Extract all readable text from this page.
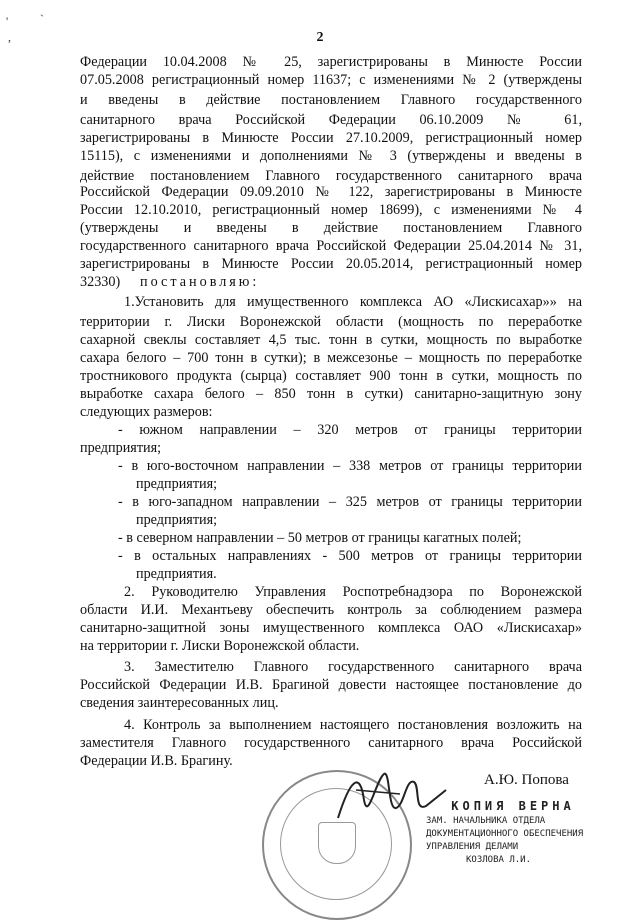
`
'
,	2
Федерации 10.04.2008 № 25, зарегистрированы в Минюсте России
07.05.2008 регистрационный номер 11637; с изменениями № 2 (утверждены
и введены в действие постановлением Главного государственного
санитарного врача Российской Федерации 06.10.2009 № 61,
зарегистрированы в Минюсте России 27.10.2009, регистрационный номер
15115), с изменениями и дополнениями № 3 (утверждены и введены в
действие постановлением Главного государственного санитарного врача
Российской Федерации 09.09.2010 № 122, зарегистрированы в Минюсте
России 12.10.2010, регистрационный номер 18699), с изменениями № 4
(утверждены и введены в действие постановлением Главного
государственного санитарного врача Российской Федерации 25.04.2014 № 31,
зарегистрированы в Минюсте России 20.05.2014, регистрационный номер
32330)	постановляю:
1.Установить для имущественного комплекса АО «Лискисахар»» на
территории г. Лиски Воронежской области (мощность по переработке
сахарной свеклы составляет 4,5 тыс. тонн в сутки, мощность по выработке
сахара белого – 700 тонн в сутки); в межсезонье – мощность по переработке
тростникового продукта (сырца) составляет 900 тонн в сутки, мощность по
выработке сахара белого – 850 тонн в сутки) санитарно-защитную зону
следующих размеров:
- южном направлении – 320 метров от границы территории
предприятия;
- в юго-восточном направлении – 338 метров от границы территории
предприятия;
- в юго-западном направлении – 325 метров от границы территории
предприятия;
- в северном направлении – 50 метров от границы кагатных полей;
- в остальных направлениях - 500 метров от границы территории
предприятия.
2. Руководителю Управления Роспотребнадзора по Воронежской
области И.И. Механтьеву обеспечить контроль за соблюдением размера
санитарно-защитной зоны имущественного комплекса ОАО «Лискисахар»
на территории г. Лиски Воронежской области.
3. Заместителю Главного государственного санитарного врача
Российской Федерации И.В. Брагиной довести настоящее постановление до
сведения заинтересованных лиц.
4. Контроль за выполнением настоящего постановления возложить на
заместителя Главного государственного санитарного врача Российской
Федерации И.В. Брагину.
А.Ю. Попова
КОПИЯ ВЕРНА
ЗАМ. НАЧАЛЬНИКА ОТДЕЛА
ДОКУМЕНТАЦИОННОГО ОБЕСПЕЧЕНИЯ
УПРАВЛЕНИЯ ДЕЛАМИ
КОЗЛОВА Л.И.
